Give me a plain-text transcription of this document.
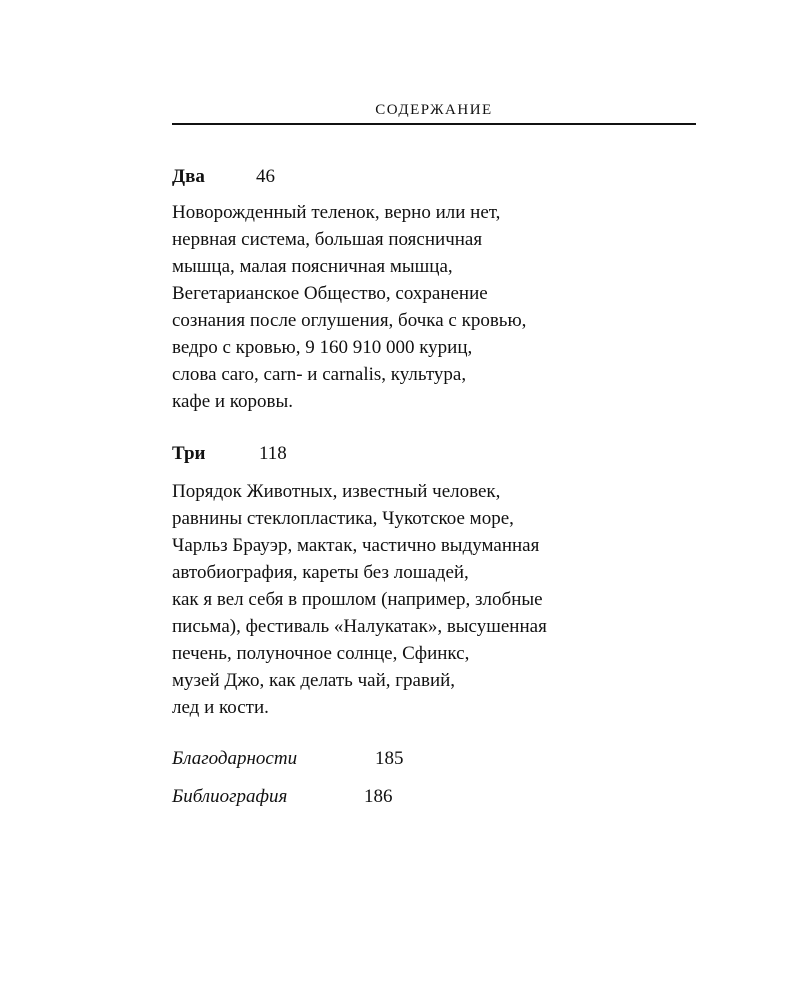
СОДЕРЖАНИЕ
Два	46
Новорожденный теленок, верно или нет,
нервная система, большая поясничная
мышца, малая поясничная мышца,
Вегетарианское Общество, сохранение
сознания после оглушения, бочка с кровью,
ведро с кровью, 9 160 910 000 куриц,
слова caro, carn- и carnalis, культура,
кафе и коровы.
Три	118
Порядок Животных, известный человек,
равнины стеклопластика, Чукотское море,
Чарльз Брауэр, мактак, частично выдуманная
автобиография, кареты без лошадей,
как я вел себя в прошлом (например, злобные
письма), фестиваль «Налукатак», высушенная
печень, полуночное солнце, Сфинкс,
музей Джо, как делать чай, гравий,
лед и кости.
Благодарности	185
Библиография	186
